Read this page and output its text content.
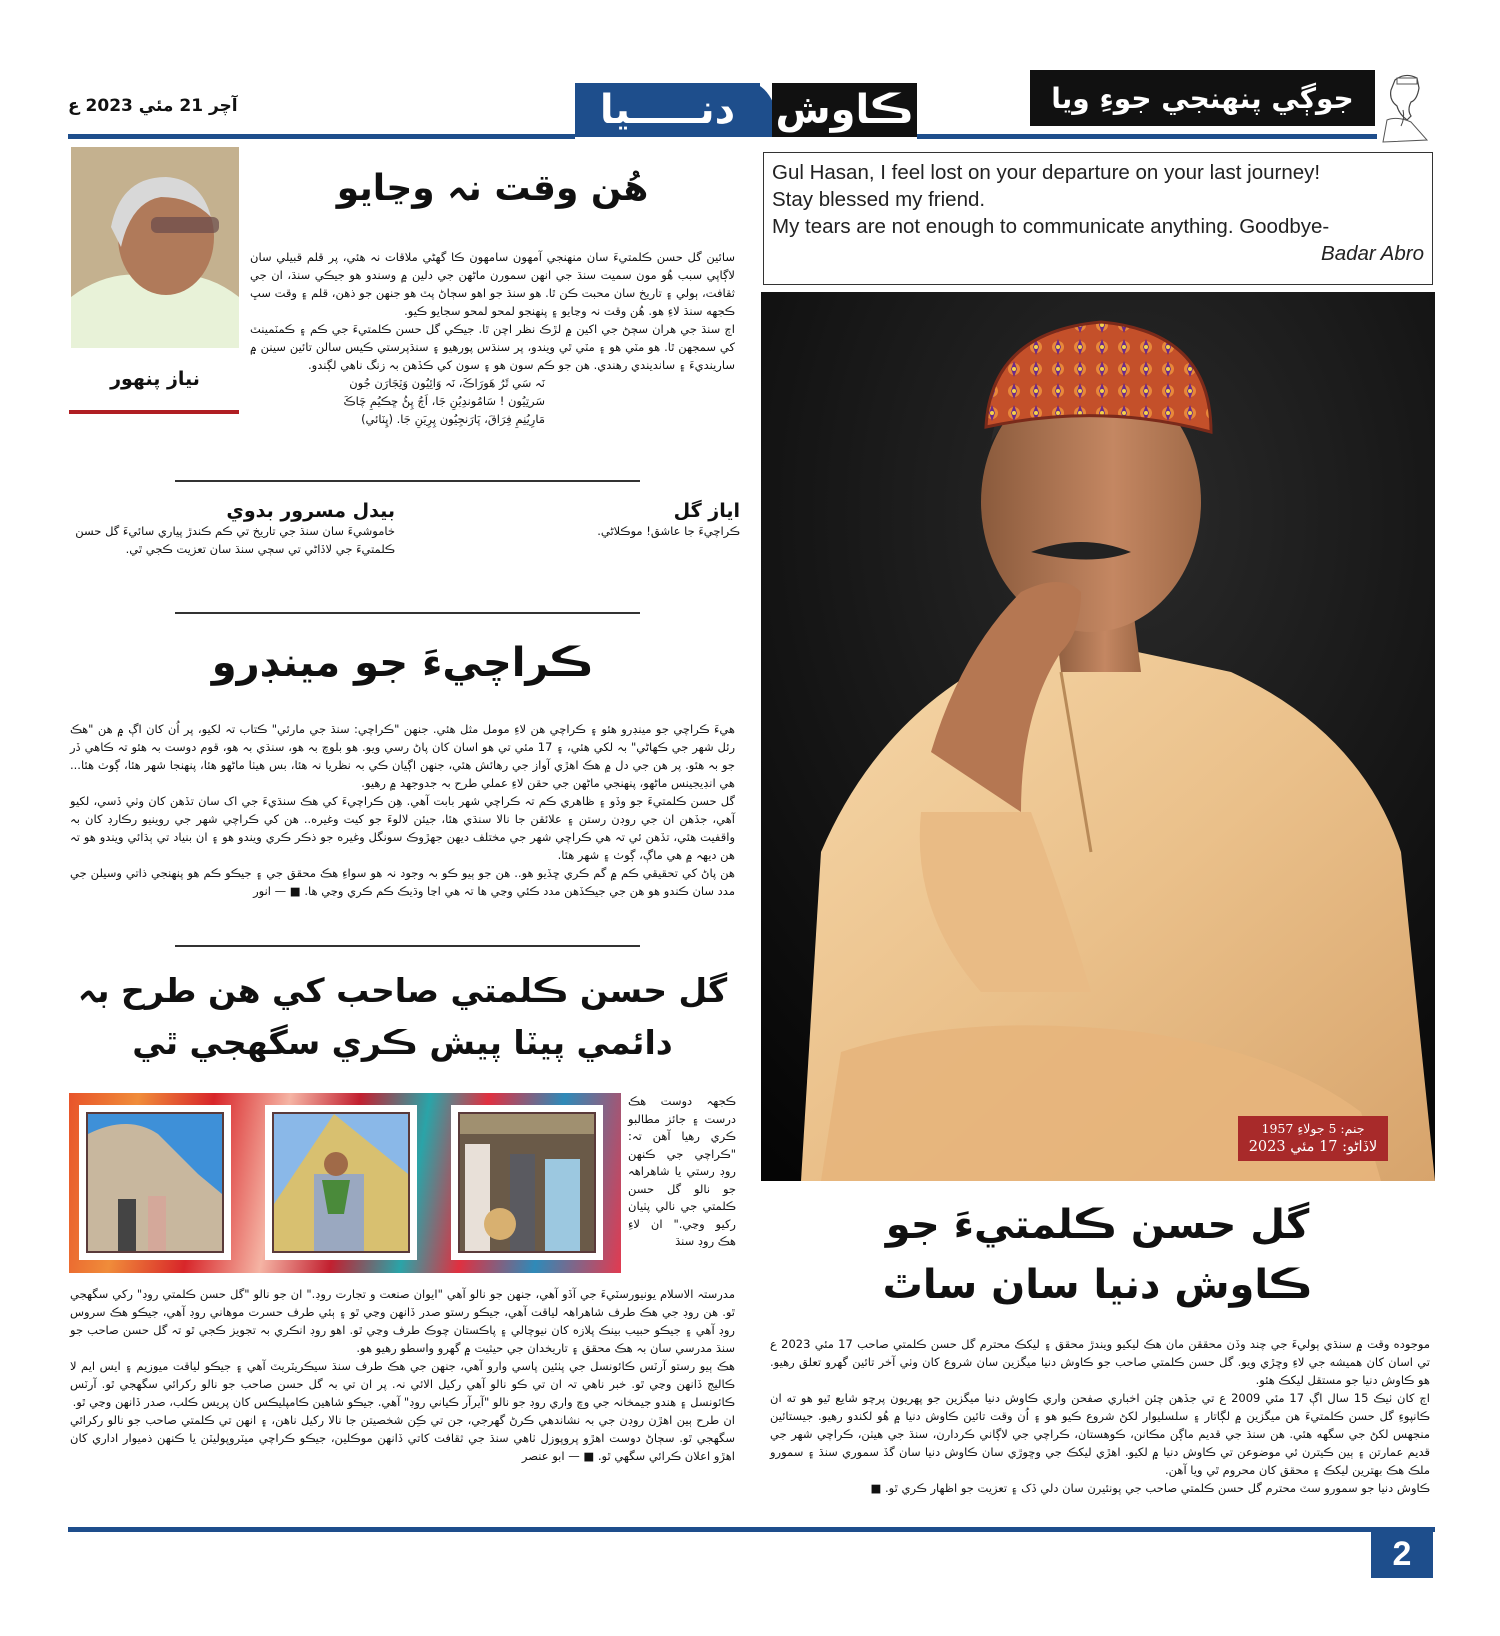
آچر 21 مئي 2023 ع	دنـــــيا	ڪاوش	جوڳي پنهنجي جوءِ ويا
Gul Hasan, I feel lost on your departure on your last journey!
Stay blessed my friend.
My tears are not enough to communicate anything. Goodbye-
Badar Abro
جنم: 5 جولاءِ 1957
لاڏاڻو: 17 مئي 2023
گل حسن ڪلمتيءَ جو
ڪاوش دنيا سان ساٿ

موجوده وقت ۾ سنڌي ٻوليءَ جي چند وڏن محققن مان هڪ ليکيو ويندڙ محقق ۽ ليکڪ محترم گل حسن ڪلمتي صاحب 17 مئي 2023 ع تي اسان کان هميشه جي لاءِ وڇڙي ويو. گل حسن ڪلمتي صاحب جو ڪاوش دنيا ميگزين سان شروع کان وٺي آخر تائين گهرو تعلق رهيو. هو ڪاوش دنيا جو مستقل ليکڪ هئو.

اڄ کان ٺيڪ 15 سال اڳ 17 مئي 2009 ع تي جڏهن چئن اخباري صفحن واري ڪاوش دنيا ميگزين جو پهريون پرچو شايع ٿيو هو ته ان ڪانپوءِ گل حسن ڪلمتيءَ هن ميگزين ۾ لڳاتار ۽ سلسليوار لکڻ شروع ڪيو هو ۽ اُن وقت تائين ڪاوش دنيا ۾ هُو لکندو رهيو. جيستائين منجهس لکڻ جي سگهه هئي. هن سنڌ جي قديم ماڳن مڪانن، ڪوهستان، ڪراچي جي لاڳاني ڪردارن، سنڌ جي هيٺن، ڪراچي شهر جي قديم عمارتن ۽ ٻين ڪيترن ئي موضوعن تي ڪاوش دنيا ۾ لکيو. اهڙي ليکڪ جي وڇوڙي سان ڪاوش دنيا سان گڏ سموري سنڌ ۽ سمورو ملڪ هڪ بهترين ليکڪ ۽ محقق کان محروم ٿي ويا آهن.

ڪاوش دنيا جو سمورو سٽ محترم گل حسن ڪلمتي صاحب جي پونئيرن سان دلي ڏک ۽ تعزيت جو اظهار ڪري ٿو. ■

نياز پنهور
هُن وقت نہ وڃايو

سائين گل حسن ڪلمتيءَ سان منهنجي آمهون سامهون ڪا گهڻي ملاقات نہ هئي، پر قلم قبيلي سان لاڳاپي سبب هُو مون سميت سنڌ جي انهن سمورن ماڻهن جي دلين ۾ وسندو هو جيڪي سنڌ، ان جي ثقافت، ٻولي ۽ تاريخ سان محبت ڪن ٿا. هو سنڌ جو اهو سڄاڻ پٽ هو جنهن جو ذهن، قلم ۽ وقت سڀ ڪجهه سنڌ لاءِ هو. هُن وقت نہ وڃايو ۽ پنهنجو لمحو لمحو سجايو ڪيو.

اڄ سنڌ جي هران سڄڻ جي اکين ۾ لڙڪ نظر اچن ٿا. جيڪي گل حسن ڪلمتيءَ جي ڪم ۽ ڪمٽمينٽ کي سمجهن ٿا. هو مٽي هو ۽ مٽي ٿي ويندو، پر سنڌس پورهيو ۽ سنڌپرستي ڪيس سالن تائين سينن ۾ سارينديءَ ۽ سانديندي رهندي. هن جو ڪم سون هو ۽ سون کي ڪڏهن بہ زنگ ناهي لڳندو.

نَہ سَي ٿَرُ هَورَاڪَ، نَہ وَائِيُون وَٽِجَارَن جُون
سَرتِيُون ! سَامُوندِيُنِ جَا، اَڄُ پِڻُ ڇڪيُمِ چَاڪَ
مَارِيُنِمِ فِرَاقَ، پَارَنجِيُون پِرِيَنِ جَا. (ڀِٽائي)
اياز گل
ڪراچيءَ جا عاشق! موڪلاڻي.
بيدل مسرور بدوي
خاموشيءَ سان سنڌ جي تاريخ تي ڪم ڪندڙ پياري سائيءَ گل حسن ڪلمتيءَ جي لاڏاڻي تي سڄي سنڌ سان تعزيت ڪجي ٿي.
ڪراچيءَ جو مينڊرو

هيءَ ڪراچي جو مينڊرو هئو ۽ ڪراچي هن لاءِ مومل مثل هئي. جنهن "ڪراچي: سنڌ جي مارئي" ڪتاب تہ لکيو، پر اُن کان اڳ ۾ هن "هڪ رئل شهر جي ڪهاڻي" بہ لکي هئي، ۽ 17 مئي تي هو اسان کان پاڻ رسي ويو. هو بلوچ بہ هو، سنڌي بہ هو، قوم دوست بہ هئو تہ ڪاهي ڏر جو بہ هئو. پر هن جي دل ۾ هڪ اهڙي آواز جي رهائش هئي، جنهن اڳيان ڪي بہ نظريا نہ هئا، بس هيٺا ماڻهو هئا، پنهنجا شهر هئا، ڳوٺ هئا... هي انڊيجينس ماڻهو، پنهنجي ماڻهن جي حقن لاءِ عملي طرح بہ جدوجهد ۾ رهيو.

گل حسن ڪلمتيءَ جو وڏو ۽ ظاهري ڪم تہ ڪراچي شهر بابت آهي. هِن ڪراچيءَ کي هڪ سنڌيءَ جي اک سان تڏهن کان وٺي ڏسي، لکيو آهي، جڏهن ان جي روڊن رستن ۽ علائقن جا نالا سنڌي هئا، جيئن لالوءَ جو کيت وغيره.. هن کي ڪراچي شهر جي روينيو رڪارڊ کان بہ واقفيت هئي، تڏهن ئي تہ هي ڪراچي شهر جي مختلف ديهن جهڙوڪ سونگل وغيره جو ذڪر ڪري ويندو هو ۽ ان بنياد تي ٻڌائي ويندو هو تہ هن ديهہ ۾ هي ماڳ، ڳوٺ ۽ شهر هئا.

هن پاڻ کي تحقيقي ڪم ۾ گم ڪري ڇڏيو هو.. هن جو ٻيو ڪو بہ وجود نہ هو سواءِ هڪ محقق جي ۽ جيڪو ڪم هو پنهنجي ذاتي وسيلن جي مدد سان ڪندو هو هن جي جيڪڏهن مدد ڪئي وڃي ها تہ هي اڃا وڌيڪ ڪم ڪري وڃي ها. ■ — انور

گل حسن ڪلمتي صاحب کي هن طرح بہ
دائمي پيٽا پيش ڪري سگهجي ٿي
ڪجهہ دوست هڪ درست ۽ جائز مطالبو ڪري رهيا آهن تہ: "ڪراچي جي ڪنهن روڊ رستي يا شاهراهہ جو نالو گل حسن ڪلمتي جي نالي پٺيان رکيو وڃي." ان لاءِ هڪ روڊ سنڌ

مدرستہ الاسلام يونيورسٽيءَ جي آڏو آهي، جنهن جو نالو آهي "ايوان صنعت و تجارت روڊ." ان جو نالو "گل حسن ڪلمتي روڊ" رکي سگهجي ٿو. هن روڊ جي هڪ طرف شاهراهہ لياقت آهي، جيڪو رستو صدر ڏانهن وڃي ٿو ۽ ٻئي طرف حسرت موهاني روڊ آهي، جيڪو هڪ سروس روڊ آهي ۽ جيڪو حبيب بينڪ پلازه کان نيوچالي ۽ پاڪستان چوڪ طرف وڃي ٿو. اهو روڊ انڪري بہ تجويز ڪجي ٿو تہ گل حسن صاحب جو سنڌ مدرسي سان بہ هڪ محقق ۽ تاريخدان جي حيثيت ۾ گهرو واسطو رهيو هو.

هڪ ٻيو رستو آرٽس ڪائونسل جي پٺئين پاسي وارو آهي، جنهن جي هڪ طرف سنڌ سيڪريٽريٽ آهي ۽ جيڪو لياقت ميوزيم ۽ ايس ايم لا ڪاليج ڏانهن وڃي ٿو. خبر ناهي تہ ان تي ڪو نالو آهي رکيل الائي نہ. پر ان تي بہ گل حسن صاحب جو نالو رکرائي سگهجي ٿو. آرٽس ڪائونسل ۽ هندو جيمخانہ جي وچ واري روڊ جو نالو "آيرآر ڪياني روڊ" آهي. جيڪو شاهين ڪامپليڪس کان پريس ڪلب، صدر ڏانهن وڃي ٿو.

ان طرح ٻين اهڙن روڊن جي بہ نشاندهي ڪرڻ گهرجي، جن تي ڪِن شخصيتن جا نالا رکيل ناهن، ۽ انهن تي ڪلمتي صاحب جو نالو رکرائي سگهجي ٿو. سڄاڻ دوست اهڙو پروپوزل ٺاهي سنڌ جي ثقافت کاتي ڏانهن موڪلين، جيڪو ڪراچي ميٽروپوليٽن يا ڪنهن ذميوار اداري کان اهڙو اعلان ڪرائي سگهي ٿو. ■ — ابو عنصر

2
